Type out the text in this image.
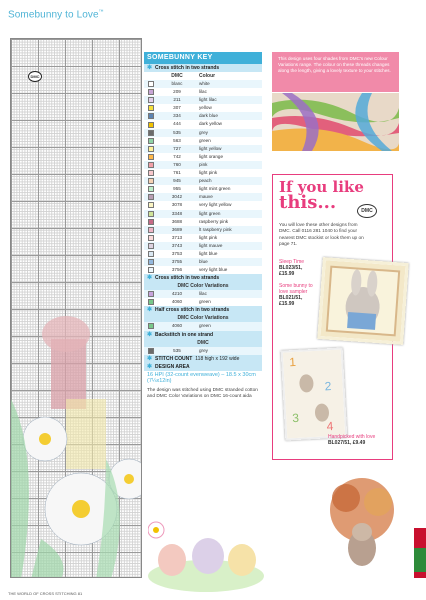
Somebunny to Love™
DMC
SOMEBUNNY KEY
✱ Cross stitch in two strands
DMC	Colour
blanc	white
209	lilac
211	light lilac
307	yellow
334	dark blue
444	dark yellow
535	grey
563	green
727	light yellow
742	light orange
760	pink
761	light pink
945	peach
955	light mint green
3042	mauve
3078	very light yellow
3348	light green
3688	raspberry pink
3689	lt raspberry pink
3713	light pink
3743	light mauve
3753	light blue
3755	blue
3756	very light blue
✱ Cross stitch in two strands
DMC Color Variations
4210	lilac
4060	green
✱ Half cross stitch in two strands
DMC Color Variations
4060	green
✱ Backstitch in one strand
DMC
535	grey
✱ STITCH COUNT 118 high x 192 wide
✱ DESIGN AREA
16 HPI (32-count evenweave) – 18.5 x 30cm (7¼x12in)
The design was stitched using DMC stranded cotton and DMC Color Variations on DMC 16-count aida
This design uses four shades from DMC's new Colour Variations range. The colour on these threads changes along the length, giving a lovely texture to your stitches.
If you like
this...	DMC
You will love these other designs from DMC. Call 0116 281 1040 to find your nearest DMC stockist or look them up on page 71.
Sleep Time
BL023/51,
£15.99
Some bunny to love sampler
BL021/51,
£15.99
1
2
3
4
Handpicked with love
BL027/51, £9.49
THE WORLD OF CROSS STITCHING 81
